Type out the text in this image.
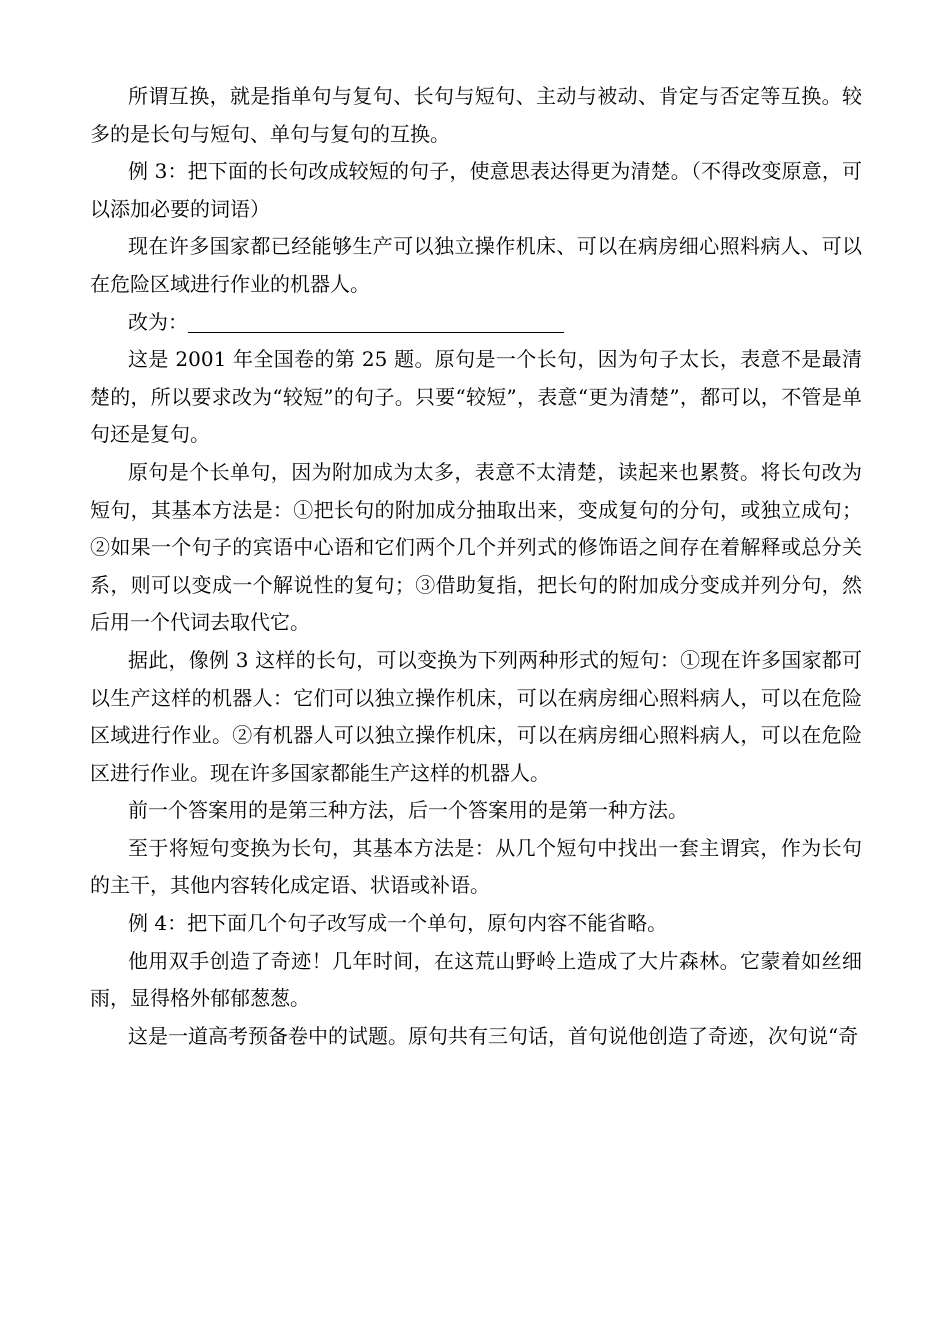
所谓互换，就是指单句与复句、长句与短句、主动与被动、肯定与否定等互换。较多的是长句与短句、单句与复句的互换。

例 3：把下面的长句改成较短的句子，使意思表达得更为清楚。（不得改变原意，可以添加必要的词语）

现在许多国家都已经能够生产可以独立操作机床、可以在病房细心照料病人、可以在危险区域进行作业的机器人。

改为：

这是 2001 年全国卷的第 25 题。原句是一个长句，因为句子太长，表意不是最清楚的，所以要求改为“较短”的句子。只要“较短”，表意“更为清楚”，都可以，不管是单句还是复句。

原句是个长单句，因为附加成为太多，表意不太清楚，读起来也累赘。将长句改为短句，其基本方法是：①把长句的附加成分抽取出来，变成复句的分句，或独立成句；②如果一个句子的宾语中心语和它们两个几个并列式的修饰语之间存在着解释或总分关系，则可以变成一个解说性的复句；③借助复指，把长句的附加成分变成并列分句，然后用一个代词去取代它。

据此，像例 3 这样的长句，可以变换为下列两种形式的短句：①现在许多国家都可以生产这样的机器人：它们可以独立操作机床，可以在病房细心照料病人，可以在危险区域进行作业。②有机器人可以独立操作机床，可以在病房细心照料病人，可以在危险区进行作业。现在许多国家都能生产这样的机器人。

前一个答案用的是第三种方法，后一个答案用的是第一种方法。

至于将短句变换为长句，其基本方法是：从几个短句中找出一套主谓宾，作为长句的主干，其他内容转化成定语、状语或补语。

例 4：把下面几个句子改写成一个单句，原句内容不能省略。

他用双手创造了奇迹！几年时间，在这荒山野岭上造成了大片森林。它蒙着如丝细雨，显得格外郁郁葱葱。

这是一道高考预备卷中的试题。原句共有三句话，首句说他创造了奇迹，次句说“奇
